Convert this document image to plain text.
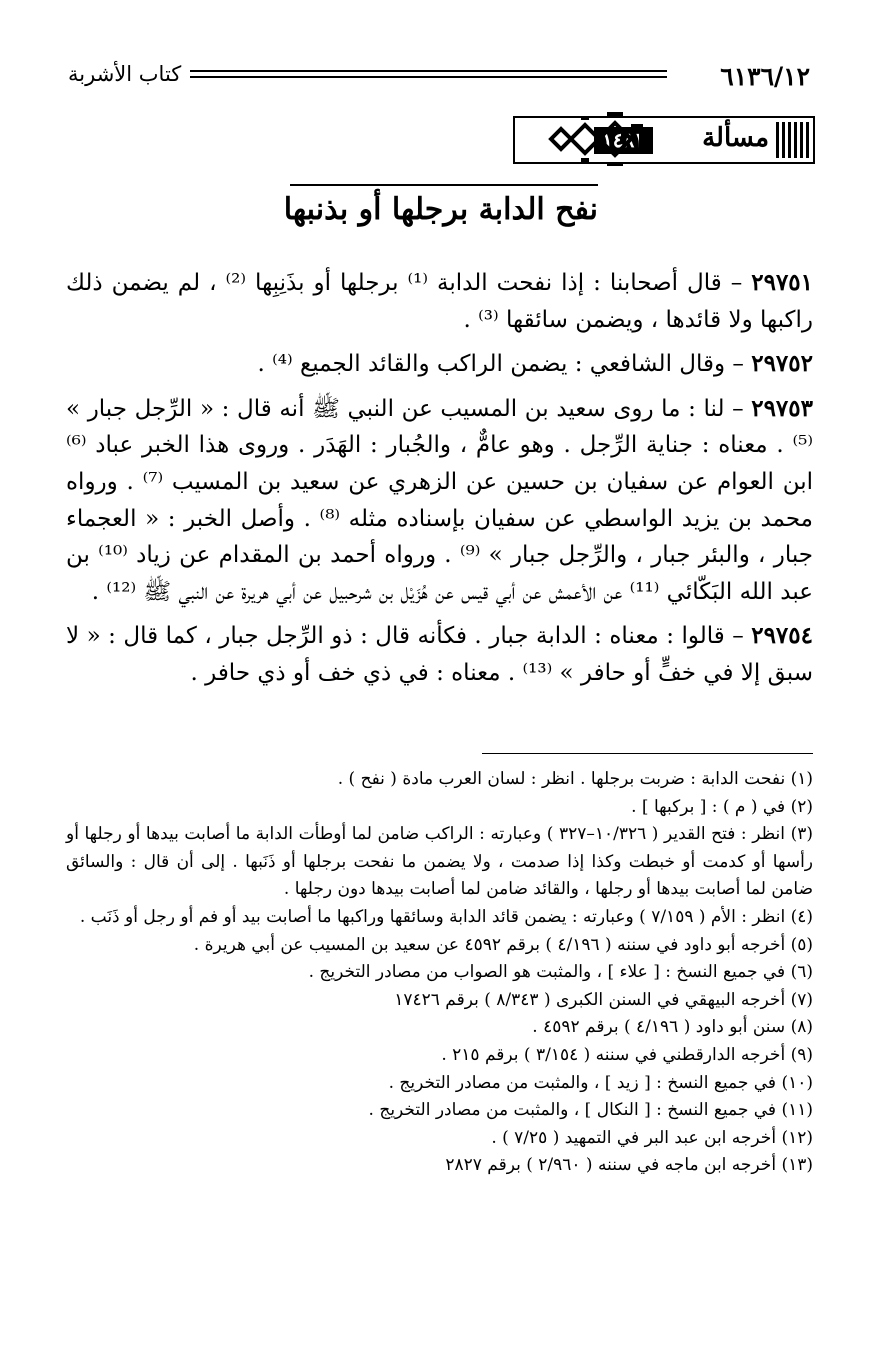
٦١٣٦/١٢
كتاب الأشربة
مسألة
١٤٨١
نفح الدابة برجلها أو بذنبها

٢٩٧٥١ – قال أصحابنا : إذا نفحت الدابة ⁽¹⁾ برجلها أو بذَنِبِها ⁽²⁾ ، لم يضمن ذلك راكبها ولا قائدها ، ويضمن سائقها ⁽³⁾ .

٢٩٧٥٢ – وقال الشافعي : يضمن الراكب والقائد الجميع ⁽⁴⁾ .

٢٩٧٥٣ – لنا : ما روى سعيد بن المسيب عن النبي ﷺ أنه قال : « الرِّجل جبار » ⁽⁵⁾ . معناه : جناية الرِّجل . وهو عامٌّ ، والجُبار : الهَدَر . وروى هذا الخبر عباد ⁽⁶⁾ ابن العوام عن سفيان بن حسين عن الزهري عن سعيد بن المسيب ⁽⁷⁾ . ورواه محمد بن يزيد الواسطي عن سفيان بإسناده مثله ⁽⁸⁾ . وأصل الخبر : « العجماء جبار ، والبئر جبار ، والرِّجل جبار » ⁽⁹⁾ . ورواه أحمد بن المقدام عن زياد ⁽¹⁰⁾ بن عبد الله البَكّائي ⁽¹¹⁾ عن الأعمش عن أبي قيس عن هُزَيْل بن شرحبيل عن أبي هريرة عن النبي ﷺ ⁽¹²⁾ .

٢٩٧٥٤ – قالوا : معناه : الدابة جبار . فكأنه قال : ذو الرِّجل جبار ، كما قال : « لا سبق إلا في خفٍّ أو حافر » ⁽¹³⁾ . معناه : في ذي خف أو ذي حافر .

(١) نفحت الدابة : ضربت برجلها . انظر : لسان العرب مادة ( نفح ) .

(٢) في ( م ) : [ بركبها ] .

(٣) انظر : فتح القدير ( ١٠/٣٢٦–٣٢٧ ) وعبارته : الراكب ضامن لما أوطأت الدابة ما أصابت بيدها أو رجلها أو رأسها أو كدمت أو خبطت وكذا إذا صدمت ، ولا يضمن ما نفحت برجلها أو ذَنَبها . إلى أن قال : والسائق ضامن لما أصابت بيدها أو رجلها ، والقائد ضامن لما أصابت بيدها دون رجلها .

(٤) انظر : الأم ( ٧/١٥٩ ) وعبارته : يضمن قائد الدابة وسائقها وراكبها ما أصابت بيد أو فم أو رجل أو ذَنَب .

(٥) أخرجه أبو داود في سننه ( ٤/١٩٦ ) برقم ٤٥٩٢ عن سعيد بن المسيب عن أبي هريرة .

(٦) في جميع النسخ : [ علاء ] ، والمثبت هو الصواب من مصادر التخريج .

(٧) أخرجه البيهقي في السنن الكبرى ( ٨/٣٤٣ ) برقم ١٧٤٢٦

(٨) سنن أبو داود ( ٤/١٩٦ ) برقم ٤٥٩٢ .

(٩) أخرجه الدارقطني في سننه ( ٣/١٥٤ ) برقم ٢١٥ .

(١٠) في جميع النسخ : [ زيد ] ، والمثبت من مصادر التخريج .

(١١) في جميع النسخ : [ النكال ] ، والمثبت من مصادر التخريج .

(١٢) أخرجه ابن عبد البر في التمهيد ( ٧/٢٥ ) .

(١٣) أخرجه ابن ماجه في سننه ( ٢/٩٦٠ ) برقم ٢٨٢٧
